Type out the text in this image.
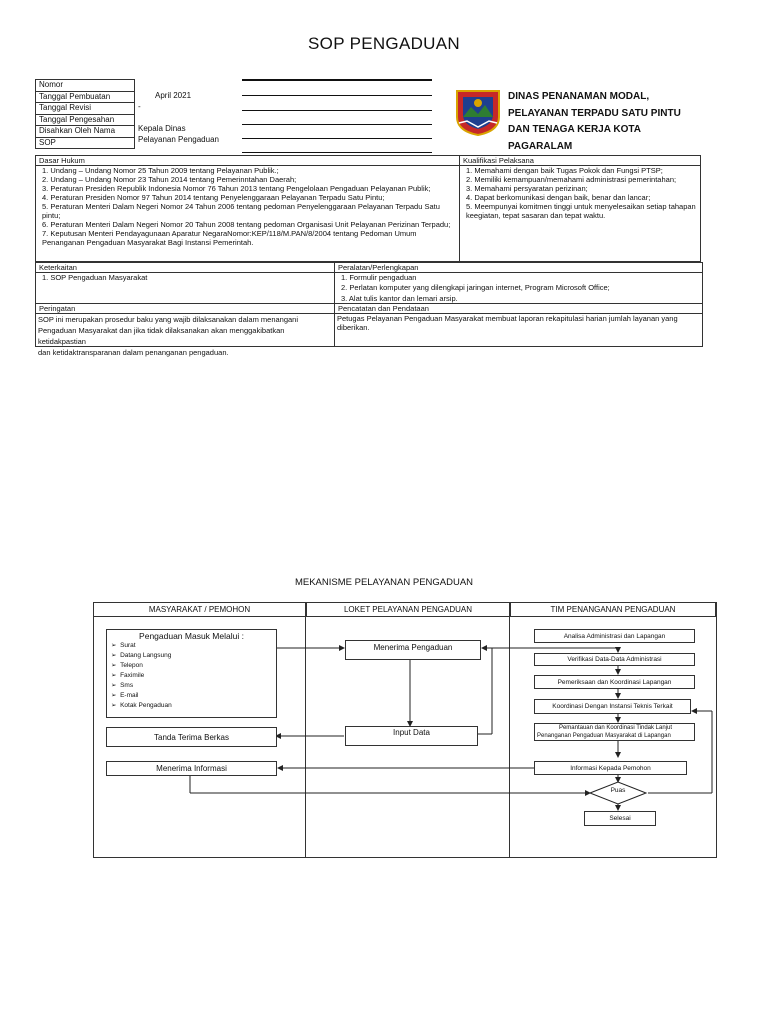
SOP PENGADUAN
Nomor
Tanggal Pembuatan
Tanggal Revisi
Tanggal Pengesahan
Disahkan Oleh Nama
SOP
April 2021
-
Kepala Dinas
Pelayanan Pengaduan
DINAS PENANAMAN MODAL,
PELAYANAN TERPADU SATU PINTU
DAN TENAGA KERJA KOTA
PAGARALAM
Dasar Hukum
1. Undang – Undang Nomor 25 Tahun 2009 tentang Pelayanan Publik.;
2. Undang – Undang Nomor 23 Tahun 2014 tentang Pemerinntahan Daerah;
3. Peraturan Presiden Republik Indonesia Nomor 76 Tahun 2013 tentang Pengelolaan Pengaduan Pelayanan Publik;
4. Peraturan Presiden Nomor 97 Tahun 2014 tentang Penyelenggaraan Pelayanan Terpadu Satu Pintu;
5. Peraturan Menteri Dalam Negeri Nomor 24 Tahun 2006 tentang pedoman Penyelenggaraan Pelayanan Terpadu Satu
pintu;
6. Peraturan Menteri Dalam Negeri Nomor 20 Tahun 2008 tentang pedoman Organisasi Unit Pelayanan Perizinan Terpadu;
7. Keputusan Menteri Pendayagunaan Aparatur NegaraNomor:KEP/118/M.PAN/8/2004 tentang Pedoman Umum
Penanganan Pengaduan Masyarakat Bagi Instansi Pemerintah.
Kualifikasi Pelaksana
1. Memahami dengan baik Tugas Pokok dan Fungsi PTSP;
2. Memiliki kemampuan/memahami administrasi pemerintahan;
3. Memahami persyaratan perizinan;
4. Dapat berkomunikasi dengan baik, benar dan lancar;
5. Meempunyai komitmen tinggi untuk menyelesaikan setiap tahapan
keegiatan, tepat sasaran dan tepat waktu.
Keterkaitan
1. SOP Pengaduan Masyarakat
Peralatan/Perlengkapan
1. Formulir pengaduan
2. Perlatan komputer yang dilengkapi jaringan internet, Program Microsoft Office;
3. Alat tulis kantor dan lemari arsip.
Peringatan
SOP ini merupakan prosedur baku yang wajib dilaksanakan dalam menangani
Pengaduan Masyarakat dan jika tidak dilaksanakan akan menggakibatkan ketidakpastian
dan ketidaktransparanan dalam penanganan pengaduan.
Pencatatan dan Pendataan
Petugas Pelayanan Pengaduan Masyarakat membuat laporan rekapitulasi harian jumlah layanan yang
diberikan.
MEKANISME PELAYANAN PENGADUAN
MASYARAKAT / PEMOHON	LOKET PELAYANAN PENGADUAN	TIM PENANGANAN PENGADUAN
Pengaduan Masuk Melalui :
➢  Surat
➢  Datang Langsung
➢  Telepon
➢  Faximile
➢  Sms
➢  E-mail
➢  Kotak Pengaduan
Tanda Terima Berkas
Menerima Informasi
Menerima Pengaduan
Input Data
Analisa Administrasi dan Lapangan
Verifikasi Data-Data Administrasi
Pemeriksaan dan Koordinasi Lapangan
Koordinasi Dengan Instansi Teknis Terkait
Pemantauan dan Koordinasi Tindak Lanjut
Penanganan Pengaduan Masyarakat di Lapangan
Informasi Kepada Pemohon
Puas
Selesai
